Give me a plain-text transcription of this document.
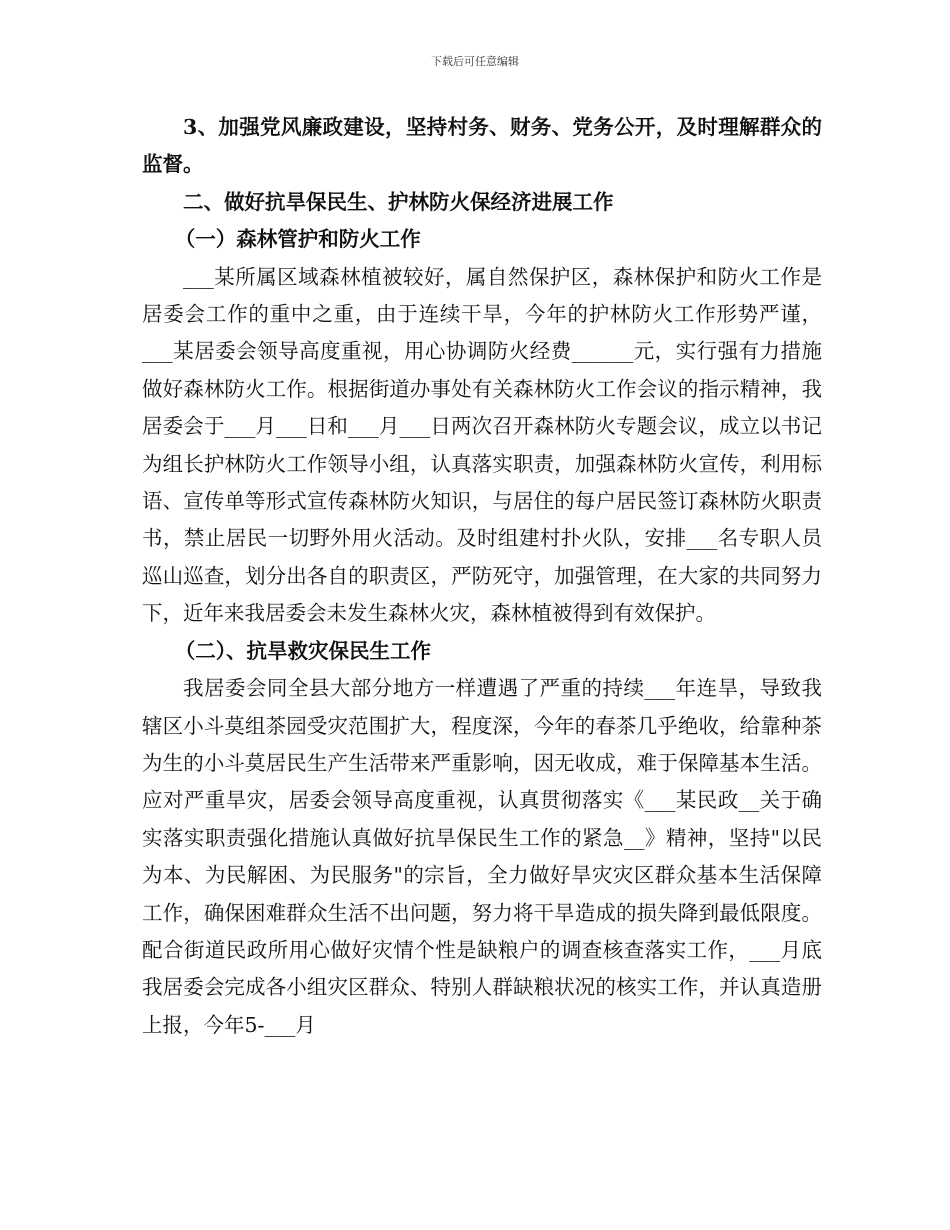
下载后可任意编辑

3、加强党风廉政建设，坚持村务、财务、党务公开，及时理解群众的监督。

二、做好抗旱保民生、护林防火保经济进展工作

（一）森林管护和防火工作

___某所属区域森林植被较好，属自然保护区，森林保护和防火工作是居委会工作的重中之重，由于连续干旱，今年的护林防火工作形势严谨，___某居委会领导高度重视，用心协调防火经费______元，实行强有力措施做好森林防火工作。根据街道办事处有关森林防火工作会议的指示精神，我居委会于___月___日和___月___日两次召开森林防火专题会议，成立以书记为组长护林防火工作领导小组，认真落实职责，加强森林防火宣传，利用标语、宣传单等形式宣传森林防火知识，与居住的每户居民签订森林防火职责书，禁止居民一切野外用火活动。及时组建村扑火队，安排___名专职人员巡山巡查，划分出各自的职责区，严防死守，加强管理，在大家的共同努力下，近年来我居委会未发生森林火灾，森林植被得到有效保护。

（二）、抗旱救灾保民生工作

我居委会同全县大部分地方一样遭遇了严重的持续___年连旱，导致我辖区小斗莫组茶园受灾范围扩大，程度深，今年的春茶几乎绝收，给靠种茶为生的小斗莫居民生产生活带来严重影响，因无收成，难于保障基本生活。应对严重旱灾，居委会领导高度重视，认真贯彻落实《___某民政__关于确实落实职责强化措施认真做好抗旱保民生工作的紧急__》精神，坚持"以民为本、为民解困、为民服务"的宗旨，全力做好旱灾灾区群众基本生活保障工作，确保困难群众生活不出问题，努力将干旱造成的损失降到最低限度。配合街道民政所用心做好灾情个性是缺粮户的调查核查落实工作，___月底我居委会完成各小组灾区群众、特别人群缺粮状况的核实工作，并认真造册上报，今年5-___月
